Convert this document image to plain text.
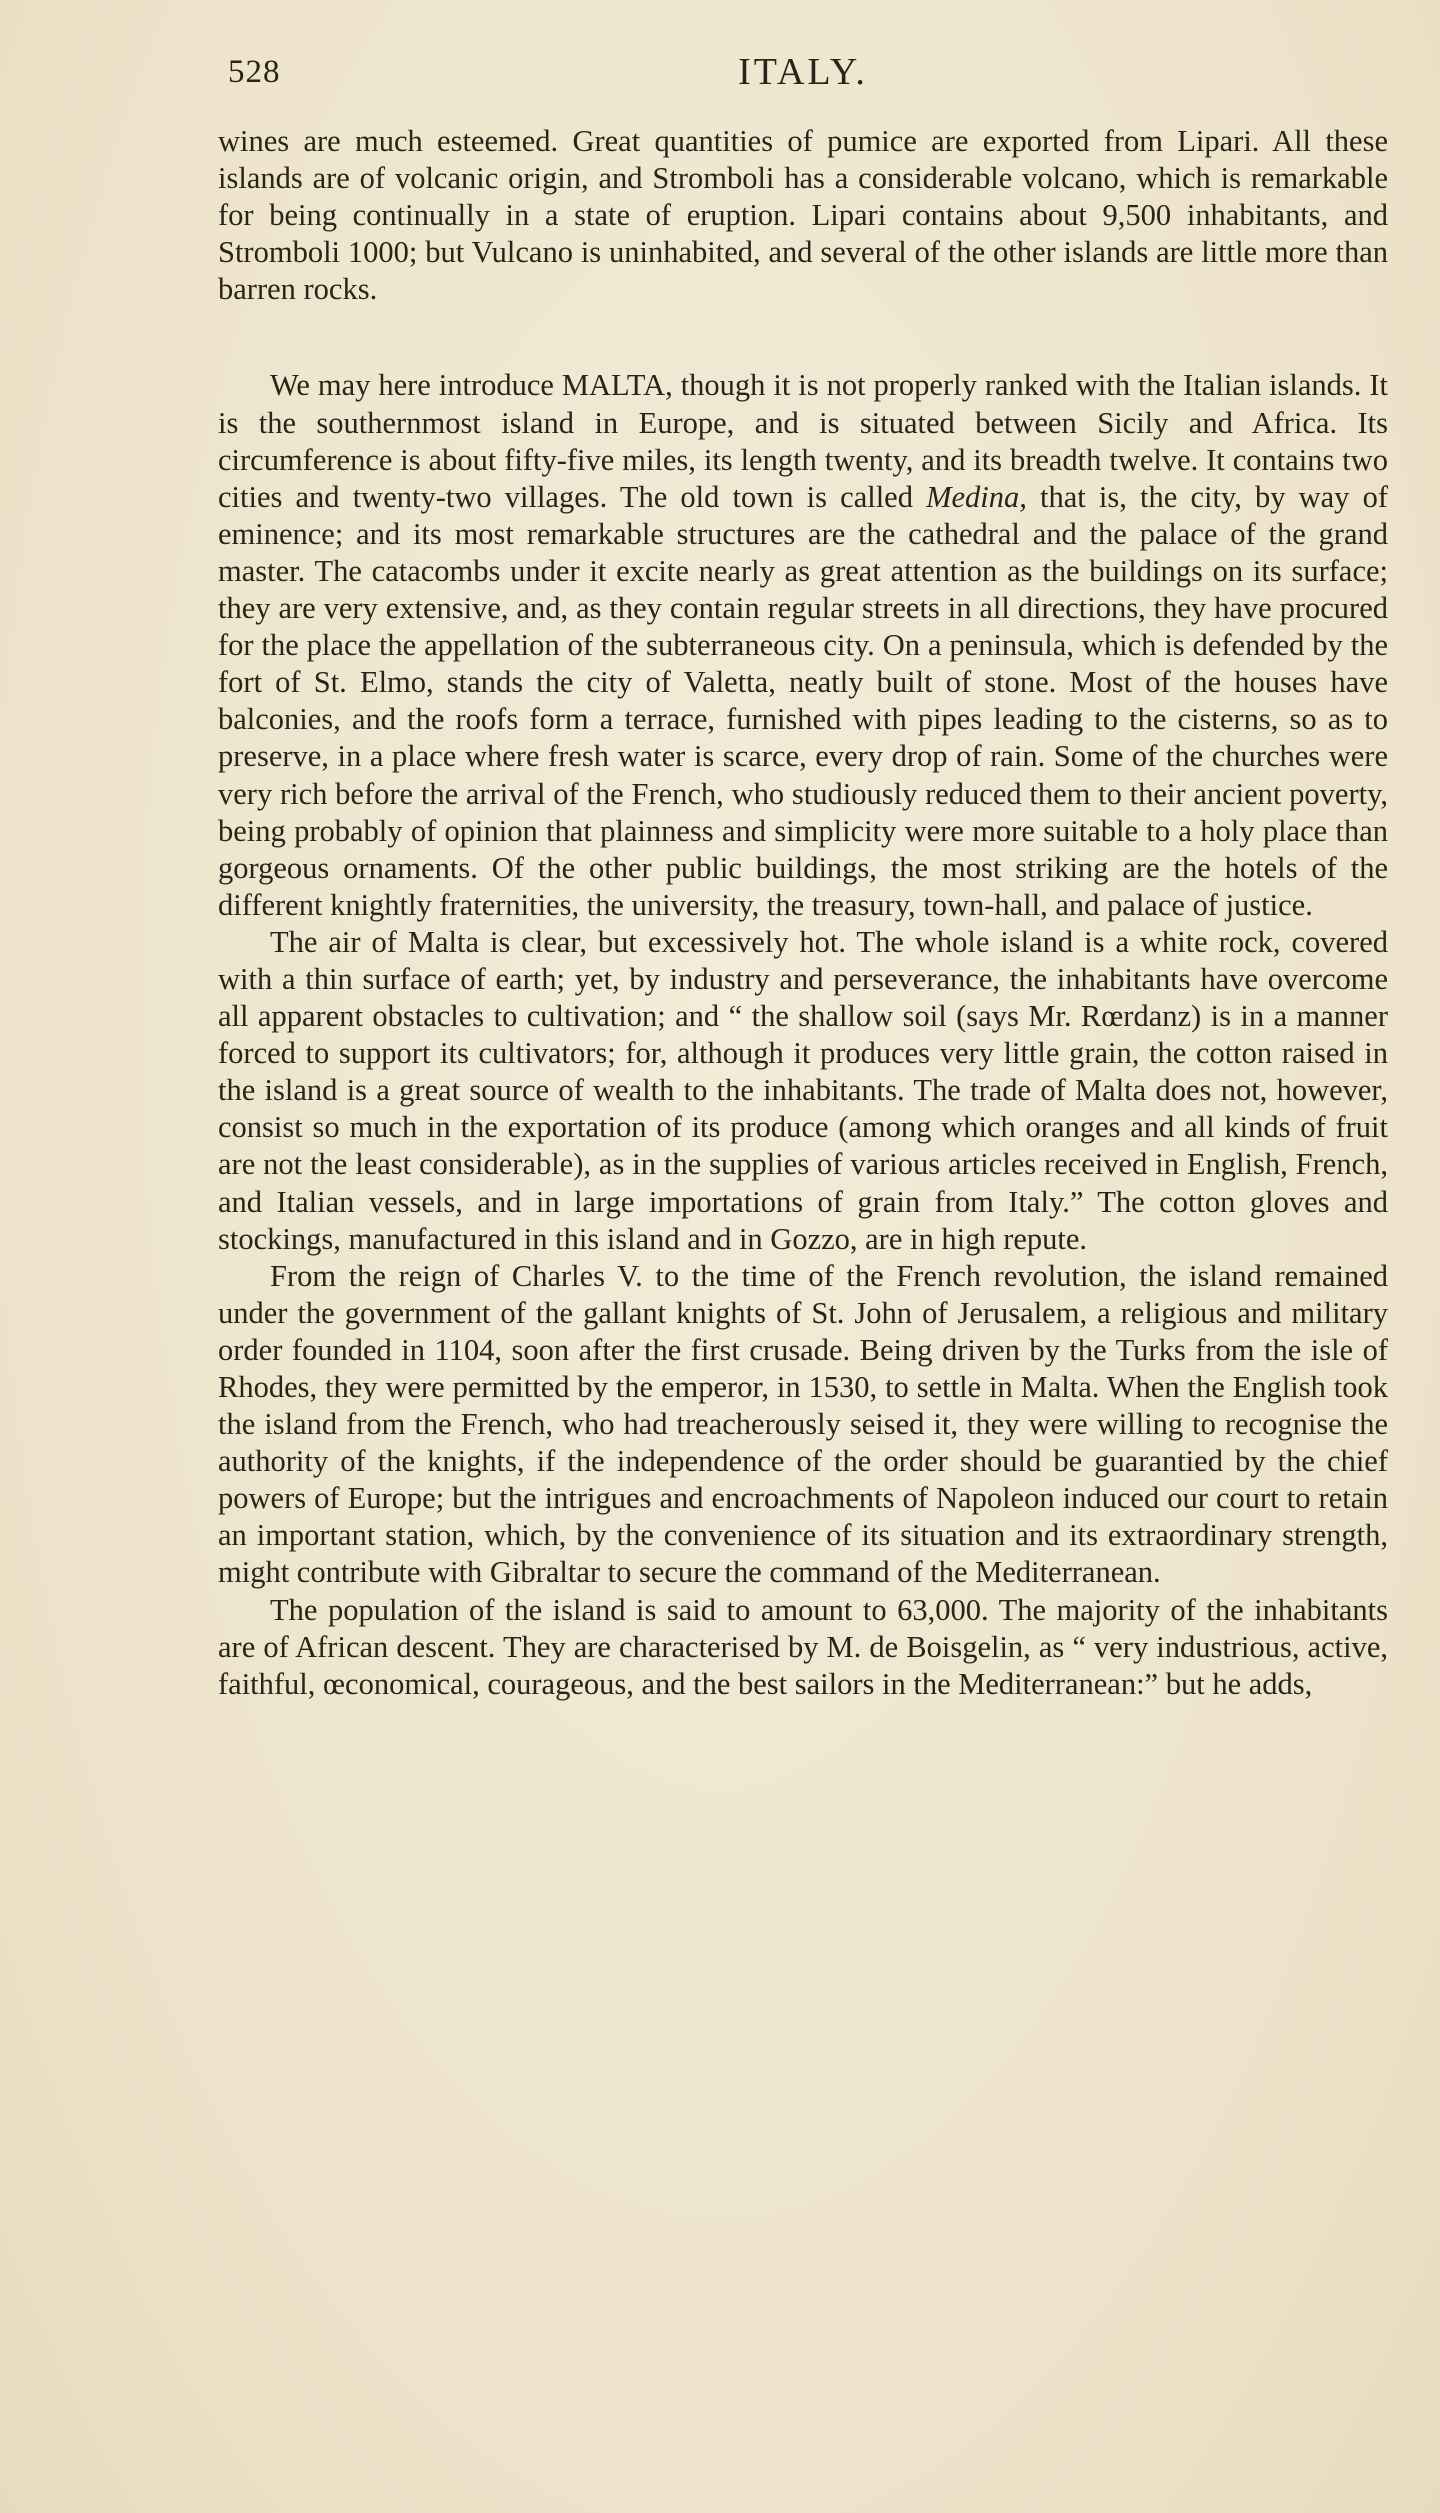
528	ITALY.

wines are much esteemed. Great quantities of pumice are exported from Lipari. All these islands are of volcanic origin, and Stromboli has a considerable volcano, which is remarkable for being continually in a state of eruption. Lipari contains about 9,500 inhabitants, and Stromboli 1000; but Vulcano is uninhabited, and several of the other islands are little more than barren rocks.

We may here introduce MALTA, though it is not properly ranked with the Italian islands. It is the southernmost island in Europe, and is situated between Sicily and Africa. Its circumference is about fifty-five miles, its length twenty, and its breadth twelve. It contains two cities and twenty-two villages. The old town is called Medina, that is, the city, by way of eminence; and its most remarkable structures are the cathedral and the palace of the grand master. The catacombs under it excite nearly as great attention as the buildings on its surface; they are very extensive, and, as they contain regular streets in all directions, they have procured for the place the appellation of the subterraneous city. On a peninsula, which is defended by the fort of St. Elmo, stands the city of Valetta, neatly built of stone. Most of the houses have balconies, and the roofs form a terrace, furnished with pipes leading to the cisterns, so as to preserve, in a place where fresh water is scarce, every drop of rain. Some of the churches were very rich before the arrival of the French, who studiously reduced them to their ancient poverty, being probably of opinion that plainness and simplicity were more suitable to a holy place than gorgeous ornaments. Of the other public buildings, the most striking are the hotels of the different knightly fraternities, the university, the treasury, town-hall, and palace of justice.

The air of Malta is clear, but excessively hot. The whole island is a white rock, covered with a thin surface of earth; yet, by industry and perseverance, the inhabitants have overcome all apparent obstacles to cultivation; and “ the shallow soil (says Mr. Rœrdanz) is in a manner forced to support its cultivators; for, although it produces very little grain, the cotton raised in the island is a great source of wealth to the inhabitants. The trade of Malta does not, however, consist so much in the exportation of its produce (among which oranges and all kinds of fruit are not the least considerable), as in the supplies of various articles received in English, French, and Italian vessels, and in large importations of grain from Italy.” The cotton gloves and stockings, manufactured in this island and in Gozzo, are in high repute.

From the reign of Charles V. to the time of the French revolution, the island remained under the government of the gallant knights of St. John of Jerusalem, a religious and military order founded in 1104, soon after the first crusade. Being driven by the Turks from the isle of Rhodes, they were permitted by the emperor, in 1530, to settle in Malta. When the English took the island from the French, who had treacherously seised it, they were willing to recognise the authority of the knights, if the independence of the order should be guarantied by the chief powers of Europe; but the intrigues and encroachments of Napoleon induced our court to retain an important station, which, by the convenience of its situation and its extraordinary strength, might contribute with Gibraltar to secure the command of the Mediterranean.

The population of the island is said to amount to 63,000. The majority of the inhabitants are of African descent. They are characterised by M. de Boisgelin, as “ very industrious, active, faithful, œconomical, courageous, and the best sailors in the Mediterranean:” but he adds,
